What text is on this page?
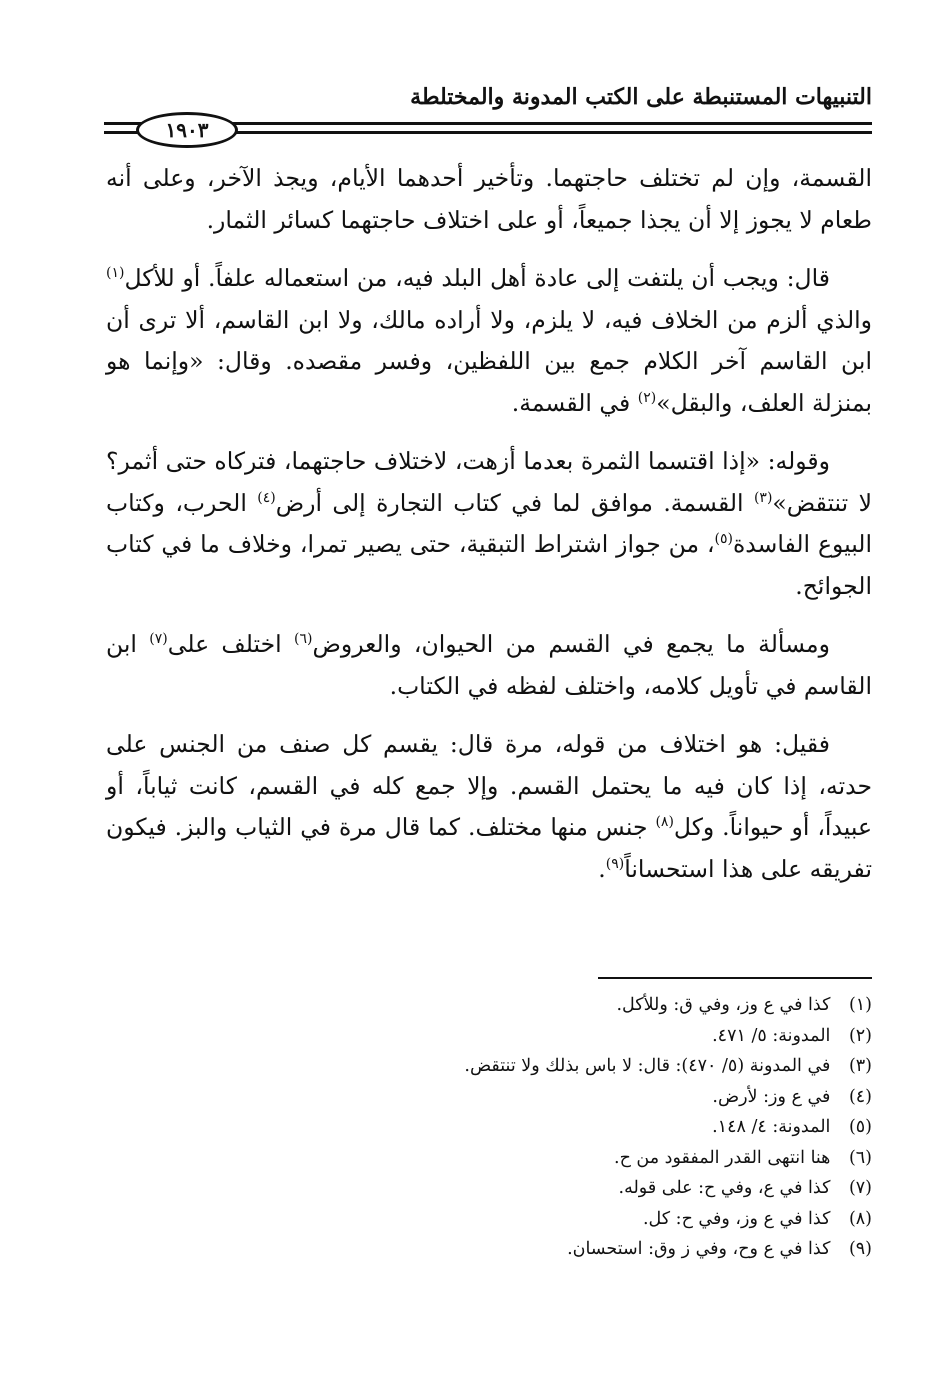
التنبيهات المستنبطة على الكتب المدونة والمختلطة
١٩٠٣

القسمة، وإن لم تختلف حاجتهما. وتأخير أحدهما الأيام، ويجذ الآخر، وعلى أنه طعام لا يجوز إلا أن يجذا جميعاً، أو على اختلاف حاجتهما كسائر الثمار.

قال: ويجب أن يلتفت إلى عادة أهل البلد فيه، من استعماله علفاً. أو للأكل$^{(١)}$ والذي ألزم من الخلاف فيه، لا يلزم، ولا أراده مالك، ولا ابن القاسم، ألا ترى أن ابن القاسم آخر الكلام جمع بين اللفظين، وفسر مقصده. وقال: «وإنما هو بمنزلة العلف، والبقل»$^{(٢)}$ في القسمة.

وقوله: «إذا اقتسما الثمرة بعدما أزهت، لاختلاف حاجتهما، فتركاه حتى أثمر؟ لا تنتقض»$^{(٣)}$ القسمة. موافق لما في كتاب التجارة إلى أرض$^{(٤)}$ الحرب، وكتاب البيوع الفاسدة$^{(٥)}$، من جواز اشتراط التبقية، حتى يصير تمرا، وخلاف ما في كتاب الجوائح.

ومسألة ما يجمع في القسم من الحيوان، والعروض$^{(٦)}$ اختلف على$^{(٧)}$ ابن القاسم في تأويل كلامه، واختلف لفظه في الكتاب.

فقيل: هو اختلاف من قوله، مرة قال: يقسم كل صنف من الجنس على حدته، إذا كان فيه ما يحتمل القسم. وإلا جمع كله في القسم، كانت ثياباً، أو عبيداً، أو حيواناً. وكل$^{(٨)}$ جنس منها مختلف. كما قال مرة في الثياب والبز. فيكون تفريقه على هذا استحساناً$^{(٩)}$.

(١) كذا في ع وز، وفي ق: وللأكل.
(٢) المدونة: ٥/ ٤٧١.
(٣) في المدونة (٥/ ٤٧٠): قال: لا باس بذلك ولا تنتقض.
(٤) في ع وز: لأرض.
(٥) المدونة: ٤/ ١٤٨.
(٦) هنا انتهى القدر المفقود من ح.
(٧) كذا في ع، وفي ح: على قوله.
(٨) كذا في ع وز، وفي ح: كل.
(٩) كذا في ع وح، وفي ز وق: استحسان.
